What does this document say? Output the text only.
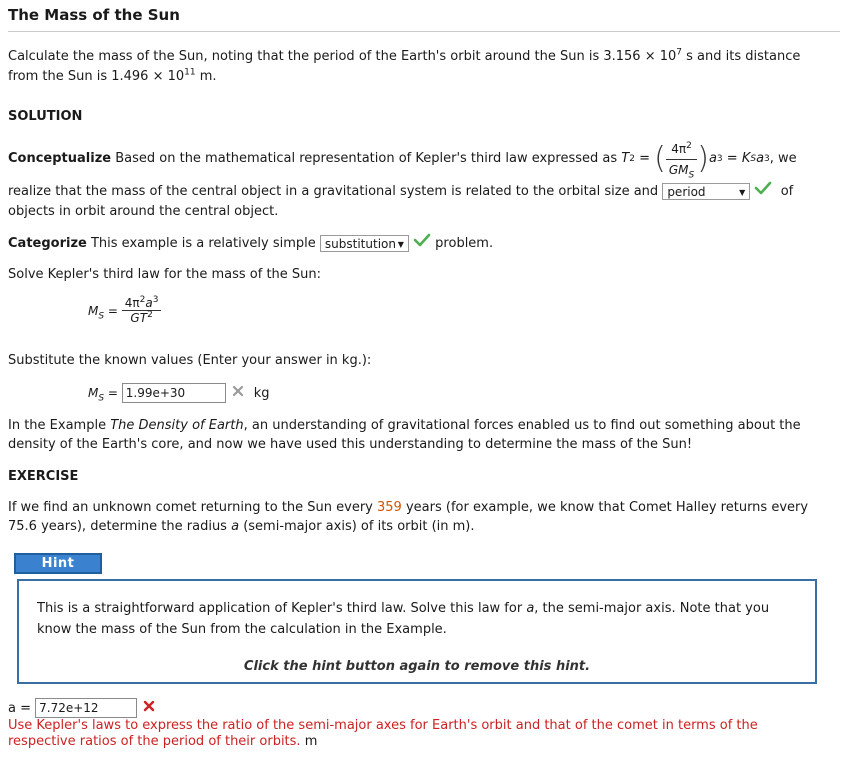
The Mass of the Sun
Calculate the mass of the Sun, noting that the period of the Earth's orbit around the Sun is $3.156 \times 10^7$ s and its distance
from the Sun is $1.496 \times 10^{11}$ m.
SOLUTION
Conceptualize Based on the mathematical representation of Kepler's third law expressed as T 2 = ( $\frac{4\pi^2}{GM_S}$ ) a 3 = K S a 3 , we
realize that the mass of the central object in a gravitational system is related to the orbital size and period	▼ of
objects in orbit around the central object.
Categorize This example is a relatively simple substitution ▼ problem.
Solve Kepler's third law for the mass of the Sun:
$M_S = \frac{4\pi^2a^3}{GT^2}$
Substitute the known values (Enter your answer in kg.):
$M_S = 1.99e+30$	kg
In the Example The Density of Earth, an understanding of gravitational forces enabled us to find out something about the
density of the Earth's core, and now we have used this understanding to determine the mass of the Sun!
EXERCISE
If we find an unknown comet returning to the Sun every 359 years (for example, we know that Comet Halley returns every
75.6 years), determine the radius a (semi-major axis) of its orbit (in m).
Hint
This is a straightforward application of Kepler's third law. Solve this law for a, the semi-major axis. Note that you
know the mass of the Sun from the calculation in the Example.
Click the hint button again to remove this hint.
a = 7.72e+12
Use Kepler's laws to express the ratio of the semi-major axes for Earth's orbit and that of the comet in terms of the
respective ratios of the period of their orbits. m
